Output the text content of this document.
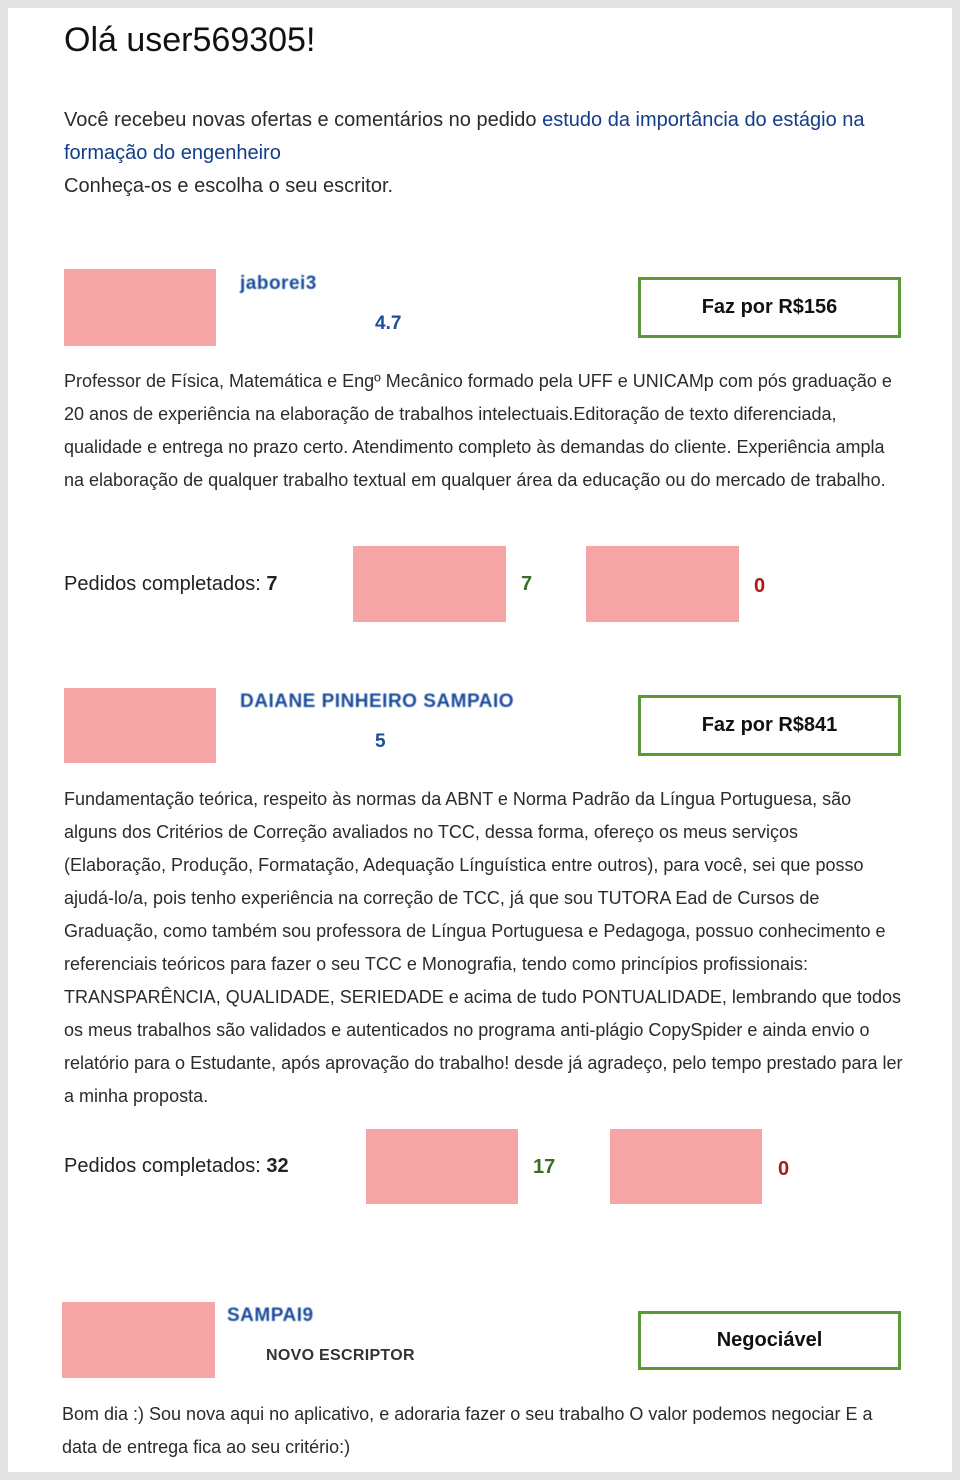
Olá user569305!

Você recebeu novas ofertas e comentários no pedido estudo da importância do estágio na formação do engenheiro
Conheça-os e escolha o seu escritor.

jaborei3
4.7
Faz por R$156

Professor de Física, Matemática e Engº Mecânico formado pela UFF e UNICAMp com pós graduação e 20 anos de experiência na elaboração de trabalhos intelectuais.Editoração de texto diferenciada, qualidade e entrega no prazo certo. Atendimento completo às demandas do cliente. Experiência ampla na elaboração de qualquer trabalho textual em qualquer área da educação ou do mercado de trabalho.

Pedidos completados: 7	7	0
DAIANE PINHEIRO SAMPAIO
5
Faz por R$841

Fundamentação teórica, respeito às normas da ABNT e Norma Padrão da Língua Portuguesa, são alguns dos Critérios de Correção avaliados no TCC, dessa forma, ofereço os meus serviços (Elaboração, Produção, Formatação, Adequação Línguística entre outros), para você, sei que posso ajudá-lo/a, pois tenho experiência na correção de TCC, já que sou TUTORA Ead de Cursos de Graduação, como também sou professora de Língua Portuguesa e Pedagoga, possuo conhecimento e referenciais teóricos para fazer o seu TCC e Monografia, tendo como princípios profissionais: TRANSPARÊNCIA, QUALIDADE, SERIEDADE e acima de tudo PONTUALIDADE, lembrando que todos os meus trabalhos são validados e autenticados no programa anti-plágio CopySpider e ainda envio o relatório para o Estudante, após aprovação do trabalho! desde já agradeço, pelo tempo prestado para ler a minha proposta.

Pedidos completados: 32	17	0
SAMPAI9
NOVO ESCRIPTOR
Negociável

Bom dia :) Sou nova aqui no aplicativo, e adoraria fazer o seu trabalho O valor podemos negociar E a data de entrega fica ao seu critério:)
